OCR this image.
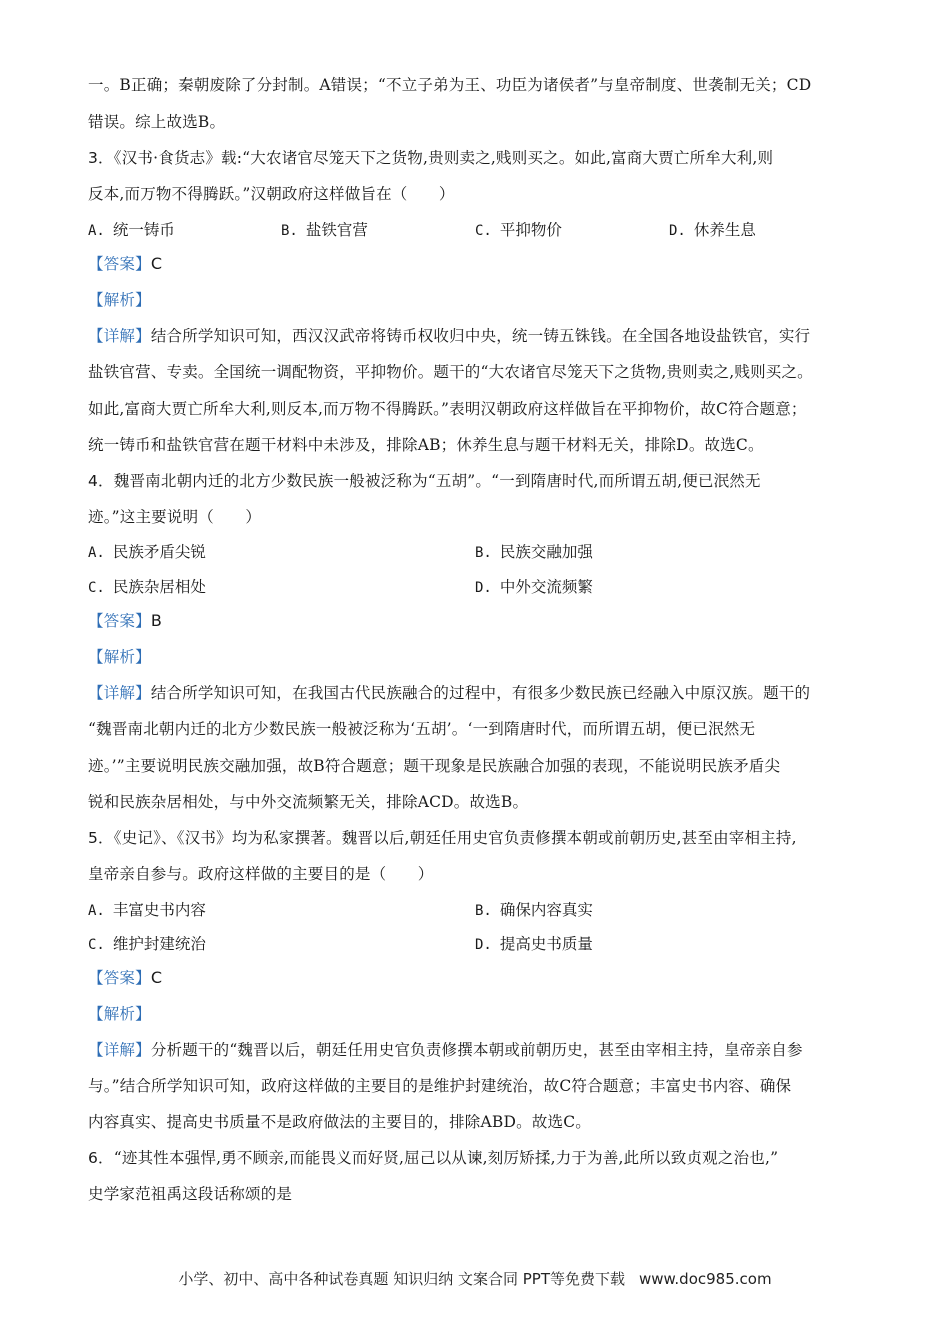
一。B正确；秦朝废除了分封制。A错误；“不立子弟为王、功臣为诸侯者”与皇帝制度、世袭制无关；CD
错误。综上故选B。
3．《汉书·食货志》载:“大农诸官尽笼天下之货物,贵则卖之,贱则买之。如此,富商大贾亡所牟大利,则
反本,而万物不得腾跃。”汉朝政府这样做旨在（　　）
A. 统一铸币	B. 盐铁官营	C. 平抑物价	D. 休养生息
【答案】C
【解析】
【详解】结合所学知识可知，西汉汉武帝将铸币权收归中央，统一铸五铢钱。在全国各地设盐铁官，实行
盐铁官营、专卖。全国统一调配物资，平抑物价。题干的“大农诸官尽笼天下之货物,贵则卖之,贱则买之。
如此,富商大贾亡所牟大利,则反本,而万物不得腾跃。”表明汉朝政府这样做旨在平抑物价，故C符合题意；
统一铸币和盐铁官营在题干材料中未涉及，排除AB；休养生息与题干材料无关，排除D。故选C。
4．魏晋南北朝内迁的北方少数民族一般被泛称为“五胡”。“一到隋唐时代,而所谓五胡,便已泯然无
迹。”这主要说明（　　）
A. 民族矛盾尖锐	B. 民族交融加强
C. 民族杂居相处	D. 中外交流频繁
【答案】B
【解析】
【详解】结合所学知识可知，在我国古代民族融合的过程中，有很多少数民族已经融入中原汉族。题干的
“魏晋南北朝内迁的北方少数民族一般被泛称为‘五胡’。‘一到隋唐时代，而所谓五胡，便已泯然无
迹。’”主要说明民族交融加强，故B符合题意；题干现象是民族融合加强的表现，不能说明民族矛盾尖
锐和民族杂居相处，与中外交流频繁无关，排除ACD。故选B。
5．《史记》、《汉书》均为私家撰著。魏晋以后,朝廷任用史官负责修撰本朝或前朝历史,甚至由宰相主持,
皇帝亲自参与。政府这样做的主要目的是（　　）
A. 丰富史书内容	B. 确保内容真实
C. 维护封建统治	D. 提高史书质量
【答案】C
【解析】
【详解】分析题干的“魏晋以后，朝廷任用史官负责修撰本朝或前朝历史，甚至由宰相主持，皇帝亲自参
与。”结合所学知识可知，政府这样做的主要目的是维护封建统治，故C符合题意；丰富史书内容、确保
内容真实、提高史书质量不是政府做法的主要目的，排除ABD。故选C。
6．“迹其性本强悍,勇不顾亲,而能畏义而好贤,屈己以从谏,刻厉矫揉,力于为善,此所以致贞观之治也,”
史学家范祖禹这段话称颂的是
小学、初中、高中各种试卷真题 知识归纳 文案合同 PPT等免费下载 www.doc985.com
